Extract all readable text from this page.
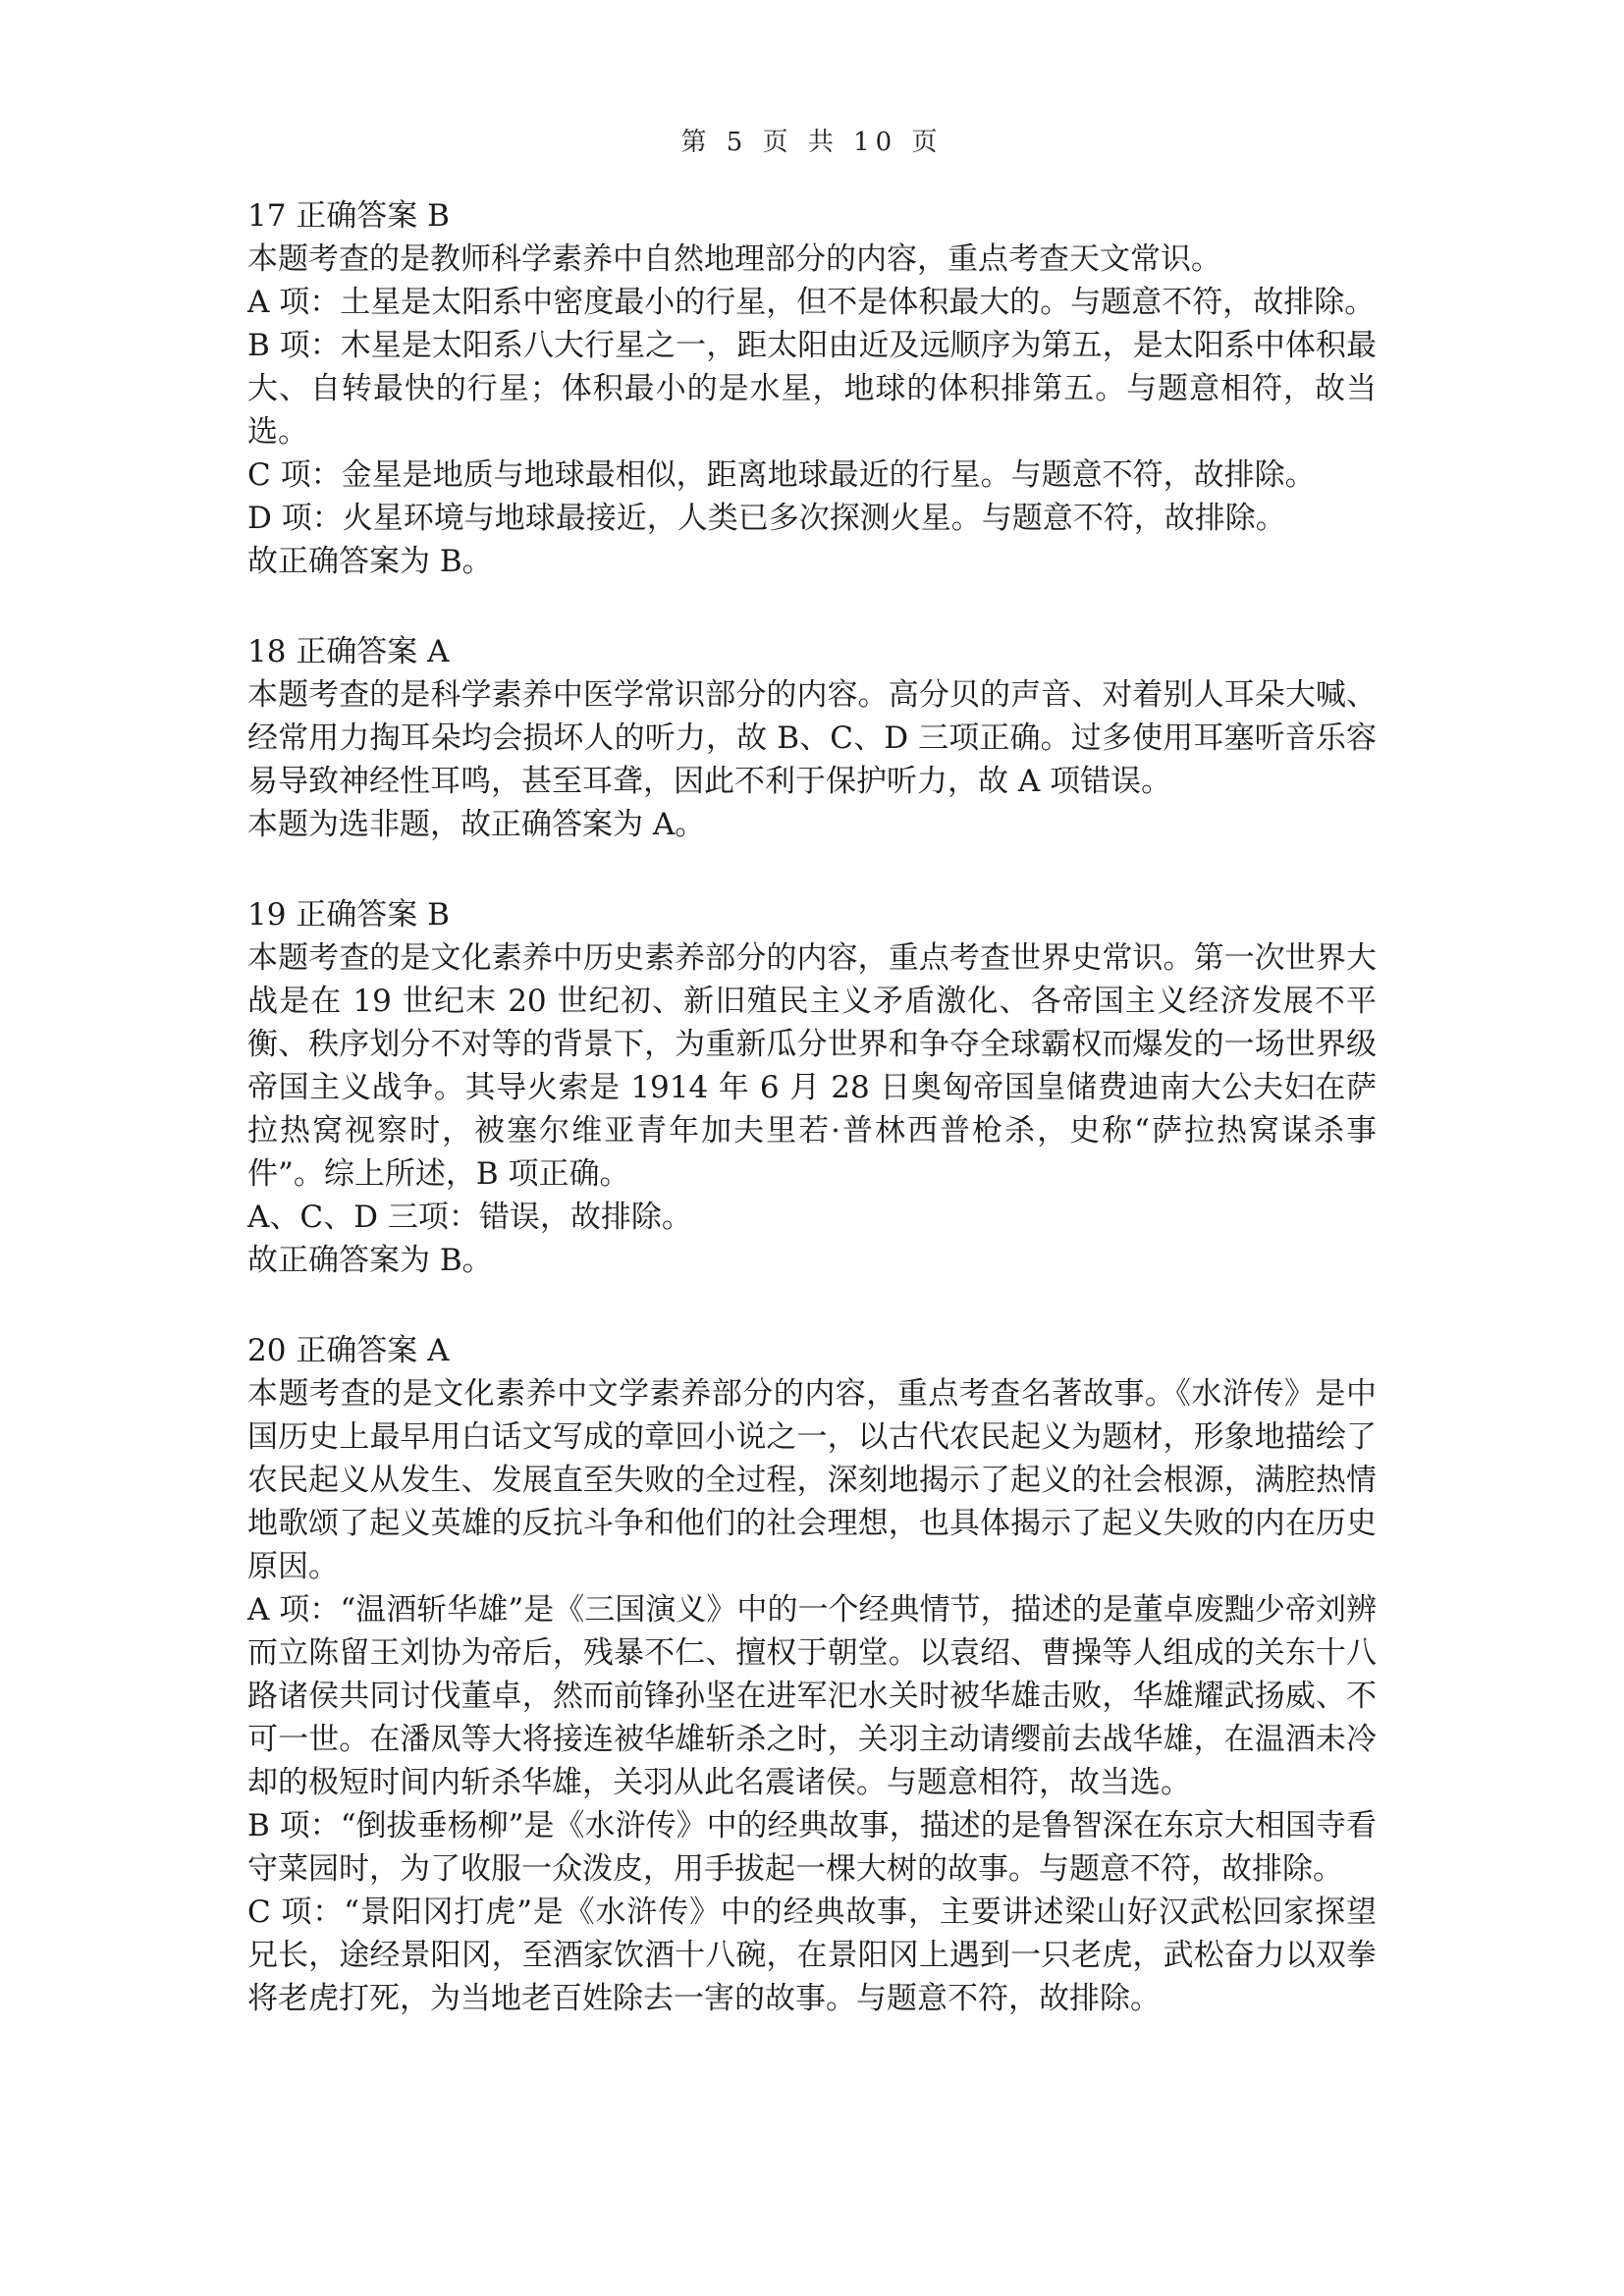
第 5 页 共 10 页
17 正确答案 B

本题考查的是教师科学素养中自然地理部分的内容，重点考查天文常识。

A 项：土星是太阳系中密度最小的行星，但不是体积最大的。与题意不符，故排除。

B 项：木星是太阳系八大行星之一，距太阳由近及远顺序为第五，是太阳系中体积最大、自转最快的行星；体积最小的是水星，地球的体积排第五。与题意相符，故当选。

C 项：金星是地质与地球最相似，距离地球最近的行星。与题意不符，故排除。

D 项：火星环境与地球最接近，人类已多次探测火星。与题意不符，故排除。

故正确答案为 B。

18 正确答案 A

本题考查的是科学素养中医学常识部分的内容。高分贝的声音、对着别人耳朵大喊、经常用力掏耳朵均会损坏人的听力，故 B、C、D 三项正确。过多使用耳塞听音乐容易导致神经性耳鸣，甚至耳聋，因此不利于保护听力，故 A 项错误。

本题为选非题，故正确答案为 A。

19 正确答案 B

本题考查的是文化素养中历史素养部分的内容，重点考查世界史常识。第一次世界大战是在 19 世纪末 20 世纪初、新旧殖民主义矛盾激化、各帝国主义经济发展不平衡、秩序划分不对等的背景下，为重新瓜分世界和争夺全球霸权而爆发的一场世界级帝国主义战争。其导火索是 1914 年 6 月 28 日奥匈帝国皇储费迪南大公夫妇在萨拉热窝视察时，被塞尔维亚青年加夫里若·普林西普枪杀，史称“萨拉热窝谋杀事件”。综上所述，B 项正确。

A、C、D 三项：错误，故排除。

故正确答案为 B。

20 正确答案 A

本题考查的是文化素养中文学素养部分的内容，重点考查名著故事。《水浒传》是中国历史上最早用白话文写成的章回小说之一，以古代农民起义为题材，形象地描绘了农民起义从发生、发展直至失败的全过程，深刻地揭示了起义的社会根源，满腔热情地歌颂了起义英雄的反抗斗争和他们的社会理想，也具体揭示了起义失败的内在历史原因。

A 项：“温酒斩华雄”是《三国演义》中的一个经典情节，描述的是董卓废黜少帝刘辨而立陈留王刘协为帝后，残暴不仁、擅权于朝堂。以袁绍、曹操等人组成的关东十八路诸侯共同讨伐董卓，然而前锋孙坚在进军汜水关时被华雄击败，华雄耀武扬威、不可一世。在潘凤等大将接连被华雄斩杀之时，关羽主动请缨前去战华雄，在温酒未冷却的极短时间内斩杀华雄，关羽从此名震诸侯。与题意相符，故当选。

B 项：“倒拔垂杨柳”是《水浒传》中的经典故事，描述的是鲁智深在东京大相国寺看守菜园时，为了收服一众泼皮，用手拔起一棵大树的故事。与题意不符，故排除。

C 项：“景阳冈打虎”是《水浒传》中的经典故事，主要讲述梁山好汉武松回家探望兄长，途经景阳冈，至酒家饮酒十八碗，在景阳冈上遇到一只老虎，武松奋力以双拳将老虎打死，为当地老百姓除去一害的故事。与题意不符，故排除。
